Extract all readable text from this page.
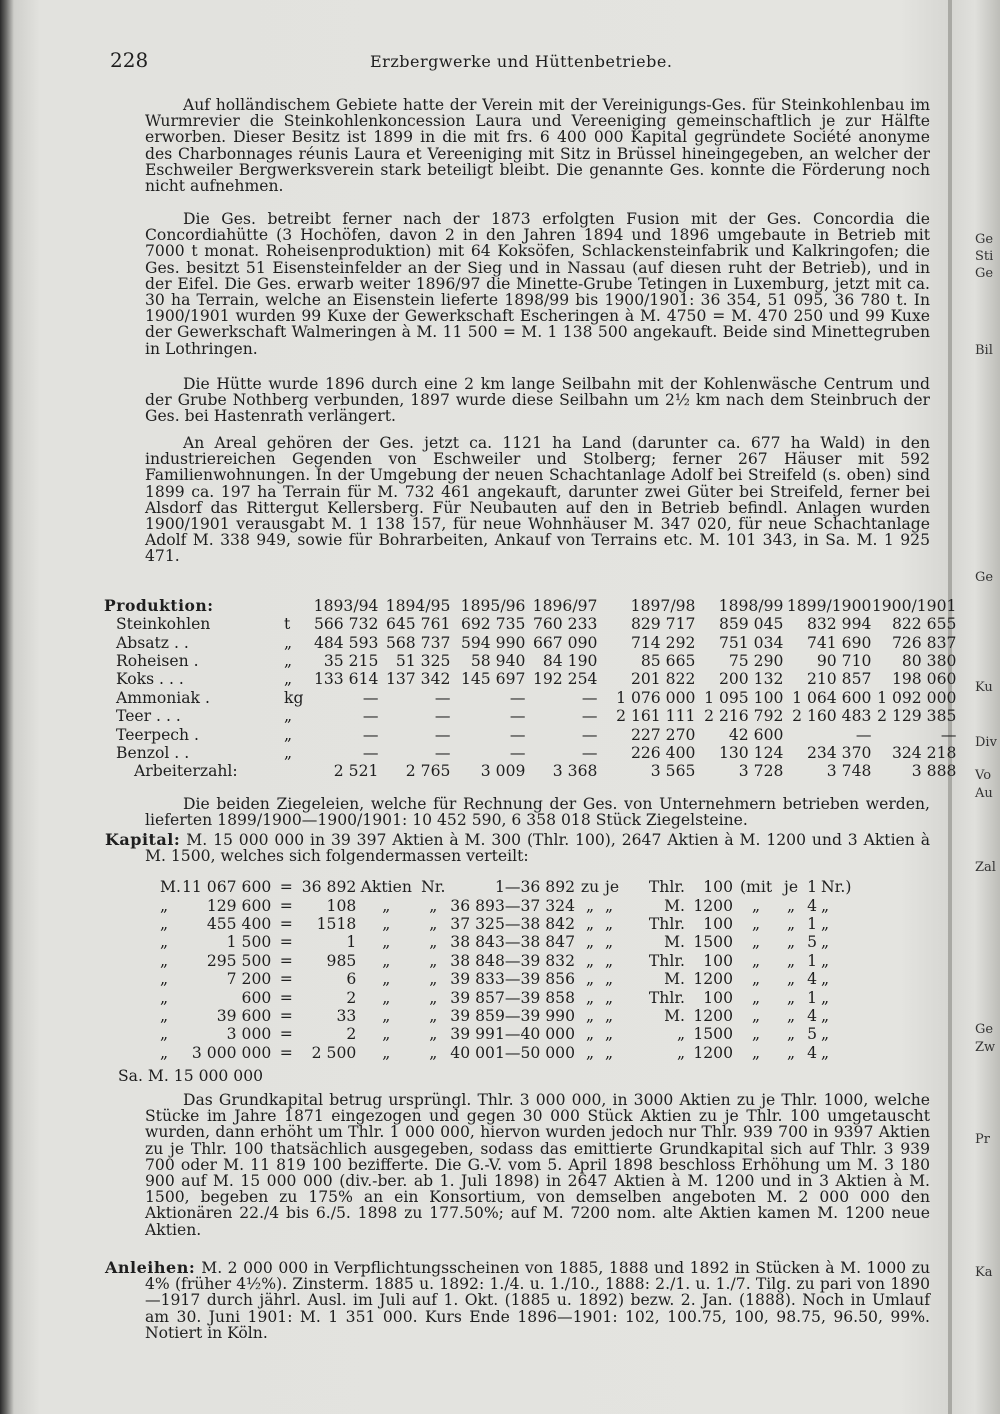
228	Erzbergwerke und Hüttenbetriebe.

Auf holländischem Gebiete hatte der Verein mit der Vereinigungs-Ges. für Steinkohlenbau im Wurmrevier die Steinkohlenkoncession Laura und Vereeniging gemeinschaftlich je zur Hälfte erworben. Dieser Besitz ist 1899 in die mit frs. 6 400 000 Kapital gegründete Société anonyme des Charbonnages réunis Laura et Vereeniging mit Sitz in Brüssel hineingegeben, an welcher der Eschweiler Bergwerksverein stark beteiligt bleibt. Die genannte Ges. konnte die Förderung noch nicht aufnehmen.

Die Ges. betreibt ferner nach der 1873 erfolgten Fusion mit der Ges. Concordia die Concordiahütte (3 Hochöfen, davon 2 in den Jahren 1894 und 1896 umgebaute in Betrieb mit 7000 t monat. Roheisenproduktion) mit 64 Koksöfen, Schlackensteinfabrik und Kalkringofen; die Ges. besitzt 51 Eisensteinfelder an der Sieg und in Nassau (auf diesen ruht der Betrieb), und in der Eifel. Die Ges. erwarb weiter 1896/97 die Minette-Grube Tetingen in Luxemburg, jetzt mit ca. 30 ha Terrain, welche an Eisenstein lieferte 1898/99 bis 1900/1901: 36 354, 51 095, 36 780 t. In 1900/1901 wurden 99 Kuxe der Gewerkschaft Escheringen à M. 4750 = M. 470 250 und 99 Kuxe der Gewerkschaft Walmeringen à M. 11 500 = M. 1 138 500 angekauft. Beide sind Minettegruben in Lothringen.

Die Hütte wurde 1896 durch eine 2 km lange Seilbahn mit der Kohlenwäsche Centrum und der Grube Nothberg verbunden, 1897 wurde diese Seilbahn um 2½ km nach dem Steinbruch der Ges. bei Hastenrath verlängert.

An Areal gehören der Ges. jetzt ca. 1121 ha Land (darunter ca. 677 ha Wald) in den industriereichen Gegenden von Eschweiler und Stolberg; ferner 267 Häuser mit 592 Familienwohnungen. In der Umgebung der neuen Schachtanlage Adolf bei Streifeld (s. oben) sind 1899 ca. 197 ha Terrain für M. 732 461 angekauft, darunter zwei Güter bei Streifeld, ferner bei Alsdorf das Rittergut Kellersberg. Für Neubauten auf den in Betrieb befindl. Anlagen wurden 1900/1901 verausgabt M. 1 138 157, für neue Wohnhäuser M. 347 020, für neue Schachtanlage Adolf M. 338 949, sowie für Bohrarbeiten, Ankauf von Terrains etc. M. 101 343, in Sa. M. 1 925 471.

Produktion:		1893/94	1894/95	1895/96	1896/97	1897/98	1898/99	1899/1900	1900/1901
Steinkohlen	t	566 732	645 761	692 735	760 233	829 717	859 045	832 994	822 655
Absatz . .	„	484 593	568 737	594 990	667 090	714 292	751 034	741 690	726 837
Roheisen .	„	35 215	51 325	58 940	84 190	85 665	75 290	90 710	80 380
Koks . . .	„	133 614	137 342	145 697	192 254	201 822	200 132	210 857	198 060
Ammoniak .	kg	—	—	—	—	1 076 000	1 095 100	1 064 600	1 092 000
Teer . . .	„	—	—	—	—	2 161 111	2 216 792	2 160 483	2 129 385
Teerpech .	„	—	—	—	—	227 270	42 600	—	—
Benzol . .	„	—	—	—	—	226 400	130 124	234 370	324 218
Arbeiterzahl:		2 521	2 765	3 009	3 368	3 565	3 728	3 748	3 888

Die beiden Ziegeleien, welche für Rechnung der Ges. von Unternehmern betrieben werden, lieferten 1899/1900—1900/1901: 10 452 590, 6 358 018 Stück Ziegelsteine.

Kapital: M. 15 000 000 in 39 397 Aktien à M. 300 (Thlr. 100), 2647 Aktien à M. 1200 und 3 Aktien à M. 1500, welches sich folgendermassen verteilt:

M.	11 067 600	=	36 892	Aktien	Nr.	1—36 892	zu	je	Thlr.	100	(mit	je	1	Nr.)
„	129 600	=	108	„	„	36 893—37 324	„	„	M.	1200	„	„	4	„
„	455 400	=	1518	„	„	37 325—38 842	„	„	Thlr.	100	„	„	1	„
„	1 500	=	1	„	„	38 843—38 847	„	„	M.	1500	„	„	5	„
„	295 500	=	985	„	„	38 848—39 832	„	„	Thlr.	100	„	„	1	„
„	7 200	=	6	„	„	39 833—39 856	„	„	M.	1200	„	„	4	„
„	600	=	2	„	„	39 857—39 858	„	„	Thlr.	100	„	„	1	„
„	39 600	=	33	„	„	39 859—39 990	„	„	M.	1200	„	„	4	„
„	3 000	=	2	„	„	39 991—40 000	„	„	„	1500	„	„	5	„
„	3 000 000	=	2 500	„	„	40 001—50 000	„	„	„	1200	„	„	4	„
Sa. M. 15 000 000

Das Grundkapital betrug ursprüngl. Thlr. 3 000 000, in 3000 Aktien zu je Thlr. 1000, welche Stücke im Jahre 1871 eingezogen und gegen 30 000 Stück Aktien zu je Thlr. 100 umgetauscht wurden, dann erhöht um Thlr. 1 000 000, hiervon wurden jedoch nur Thlr. 939 700 in 9397 Aktien zu je Thlr. 100 thatsächlich ausgegeben, sodass das emittierte Grundkapital sich auf Thlr. 3 939 700 oder M. 11 819 100 bezifferte. Die G.-V. vom 5. April 1898 beschloss Erhöhung um M. 3 180 900 auf M. 15 000 000 (div.-ber. ab 1. Juli 1898) in 2647 Aktien à M. 1200 und in 3 Aktien à M. 1500, begeben zu 175% an ein Konsortium, von demselben angeboten M. 2 000 000 den Aktionären 22./4 bis 6./5. 1898 zu 177.50%; auf M. 7200 nom. alte Aktien kamen M. 1200 neue Aktien.

Anleihen: M. 2 000 000 in Verpflichtungsscheinen von 1885, 1888 und 1892 in Stücken à M. 1000 zu 4% (früher 4½%). Zinsterm. 1885 u. 1892: 1./4. u. 1./10., 1888: 2./1. u. 1./7. Tilg. zu pari von 1890—1917 durch jährl. Ausl. im Juli auf 1. Okt. (1885 u. 1892) bezw. 2. Jan. (1888). Noch in Umlauf am 30. Juni 1901: M. 1 351 000. Kurs Ende 1896—1901: 102, 100.75, 100, 98.75, 96.50, 99%. Notiert in Köln.

Ge
Sti
Ge
Bil
Ge
Ku
Div
Vo
Au
Zal
Ge
Zw
Pr
Ka
